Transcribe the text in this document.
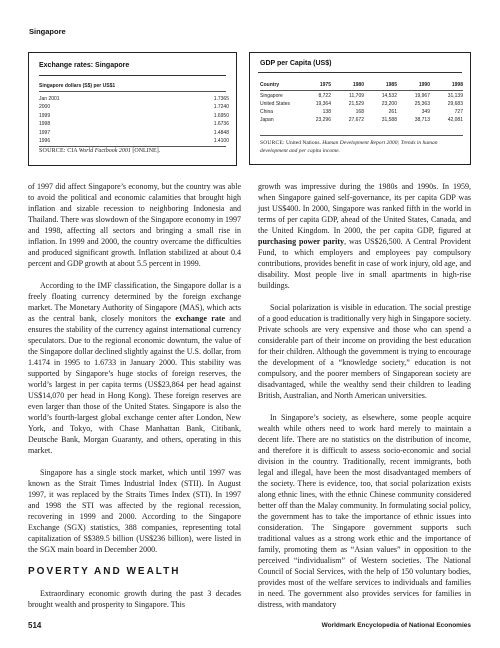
Singapore
Exchange rates: Singapore
Singapore dollars (S$) per US$1
Jan 2001	1.7365
2000	1.7240
1999	1.6950
1998	1.6736
1997	1.4848
1996	1.4100
SOURCE: CIA World Factbook 2001 [ONLINE].
GDP per Capita (US$)
Country	1975	1980	1985	1990	1998
Singapore	8,722	11,709	14,532	19,967	31,139
United States	19,364	21,529	23,200	25,363	29,683
China	138	168	261	349	727
Japan	23,296	27,672	31,588	38,713	42,081
SOURCE: United Nations. Human Development Report 2000; Trends in human development and per capita income.

of 1997 did affect Singapore’s economy, but the country was able to avoid the political and economic calamities that brought high inflation and sizable recession to neighboring Indonesia and Thailand. There was slowdown of the Singapore economy in 1997 and 1998, affecting all sectors and bringing a small rise in inflation. In 1999 and 2000, the country overcame the difficulties and produced significant growth. Inflation stabilized at about 0.4 percent and GDP growth at about 5.5 percent in 1999.

According to the IMF classification, the Singapore dollar is a freely floating currency determined by the foreign exchange market. The Monetary Authority of Singapore (MAS), which acts as the central bank, closely monitors the exchange rate and ensures the stability of the currency against international currency speculators. Due to the regional economic downturn, the value of the Singapore dollar declined slightly against the U.S. dollar, from 1.4174 in 1995 to 1.6733 in January 2000. This stability was supported by Singapore’s huge stocks of foreign reserves, the world’s largest in per capita terms (US$23,864 per head against US$14,070 per head in Hong Kong). These foreign reserves are even larger than those of the United States. Singapore is also the world’s fourth-largest global exchange center after London, New York, and Tokyo, with Chase Manhattan Bank, Citibank, Deutsche Bank, Morgan Guaranty, and others, operating in this market.

Singapore has a single stock market, which until 1997 was known as the Strait Times Industrial Index (STII). In August 1997, it was replaced by the Straits Times Index (STI). In 1997 and 1998 the STI was affected by the regional recession, recovering in 1999 and 2000. According to the Singapore Exchange (SGX) statistics, 388 companies, representing total capitalization of S$389.5 billion (US$236 billion), were listed in the SGX main board in December 2000.

POVERTY AND WEALTH

Extraordinary economic growth during the past 3 decades brought wealth and prosperity to Singapore. This

growth was impressive during the 1980s and 1990s. In 1959, when Singapore gained self-governance, its per capita GDP was just US$400. In 2000, Singapore was ranked fifth in the world in terms of per capita GDP, ahead of the United States, Canada, and the United Kingdom. In 2000, the per capita GDP, figured at purchasing power parity, was US$26,500. A Central Provident Fund, to which employers and employees pay compulsory contributions, provides benefit in case of work injury, old age, and disability. Most people live in small apartments in high-rise buildings.

Social polarization is visible in education. The social prestige of a good education is traditionally very high in Singapore society. Private schools are very expensive and those who can spend a considerable part of their income on providing the best education for their children. Although the government is trying to encourage the development of a “knowledge society,” education is not compulsory, and the poorer members of Singaporean society are disadvantaged, while the wealthy send their children to leading British, Australian, and North American universities.

In Singapore’s society, as elsewhere, some people acquire wealth while others need to work hard merely to maintain a decent life. There are no statistics on the distribution of income, and therefore it is difficult to assess socio-economic and social division in the country. Traditionally, recent immigrants, both legal and illegal, have been the most disadvantaged members of the society. There is evidence, too, that social polarization exists along ethnic lines, with the ethnic Chinese community considered better off than the Malay community. In formulating social policy, the government has to take the importance of ethnic issues into consideration. The Singapore government supports such traditional values as a strong work ethic and the importance of family, promoting them as “Asian values” in opposition to the perceived “individualism” of Western societies. The National Council of Social Services, with the help of 150 voluntary bodies, provides most of the welfare services to individuals and families in need. The government also provides services for families in distress, with mandatory

514	Worldmark Encyclopedia of National Economies
